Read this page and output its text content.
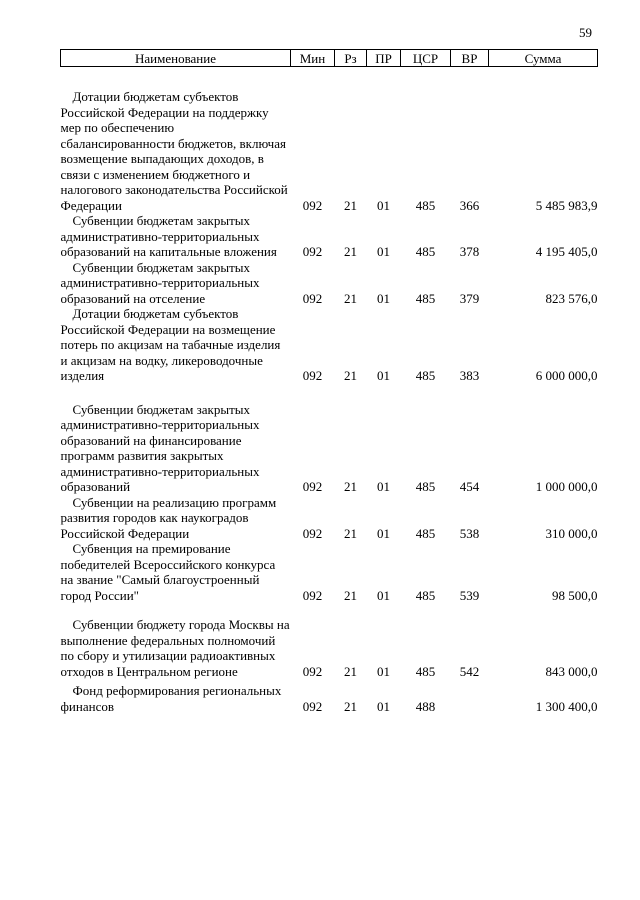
59
Наименование	Мин	Рз	ПР	ЦСР	ВР	Сумма
Дотации бюджетам субъектов Российской Федерации на поддержку мер по обеспечению сбалансированности бюджетов, включая возмещение выпадающих доходов, в связи с изменением бюджетного и налогового законодательства Российской Федерации	092	21	01	485	366	5 485 983,9
Субвенции бюджетам закрытых административно-территориальных образований на капитальные вложения	092	21	01	485	378	4 195 405,0
Субвенции бюджетам закрытых административно-территориальных образований на отселение	092	21	01	485	379	823 576,0
Дотации бюджетам субъектов Российской Федерации на возмещение потерь по акцизам на табачные изделия и акцизам на водку, ликероводочные изделия	092	21	01	485	383	6 000 000,0
Субвенции бюджетам закрытых административно-территориальных образований на финансирование программ развития закрытых административно-территориальных образований	092	21	01	485	454	1 000 000,0
Субвенции на реализацию программ развития городов как наукоградов Российской Федерации	092	21	01	485	538	310 000,0
Субвенция на премирование победителей Всероссийского конкурса на звание "Самый благоустроенный город России"	092	21	01	485	539	98 500,0
Субвенции бюджету города Москвы на выполнение федеральных полномочий по сбору и утилизации радиоактивных отходов в Центральном регионе	092	21	01	485	542	843 000,0
Фонд реформирования региональных финансов	092	21	01	488		1 300 400,0
